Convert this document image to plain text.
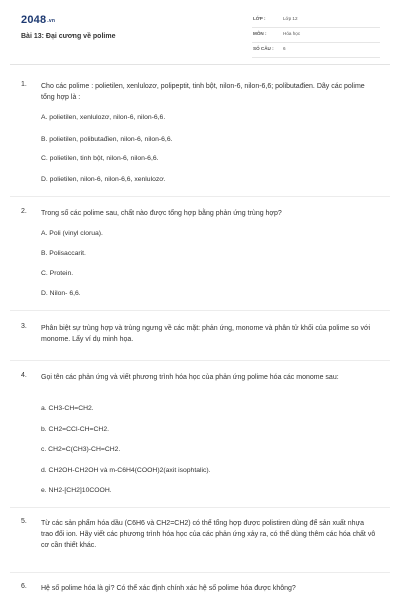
2048.vn
Bài 13: Đại cương về polime
LỚP :	Lớp 12
MÔN :	Hóa học
SỐ CÂU : 6
1. Cho các polime : polietilen, xenlulozơ, polipeptit, tinh bột, nilon-6, nilon-6,6; polibutađien. Dãy các polime tổng hợp là :
A. polietilen, xenlulozơ, nilon-6, nilon-6,6.
B. polietilen, polibutađien, nilon-6, nilon-6,6.
C. polietilen, tinh bột, nilon-6, nilon-6,6.
D. polietilen, nilon-6, nilon-6,6, xenlulozơ.
2. Trong số các polime sau, chất nào được tổng hợp bằng phản ứng trùng hợp?
A. Poli (vinyl clorua).
B. Polisaccarit.
C. Protein.
D. Nilon- 6,6.
3. Phân biệt sự trùng hợp và trùng ngưng về các mặt: phản ứng, monome và phân tử khối của polime so với monome. Lấy ví dụ minh họa.
4. Gọi tên các phản ứng và viết phương trình hóa học của phản ứng polime hóa các monome sau:
a. CH3-CH=CH2.
b. CH2=CCl-CH=CH2.
c. CH2=C(CH3)-CH=CH2.
d. CH2OH-CH2OH và m-C6H4(COOH)2(axit isophtalic).
e. NH2-[CH2]10COOH.
5. Từ các sản phẩm hóa dầu (C6H6 và CH2=CH2) có thể tổng hợp được polistiren dùng để sản xuất nhựa trao đổi ion. Hãy viết các phương trình hóa học của các phản ứng xảy ra, có thể dùng thêm các hóa chất vô cơ cần thiết khác.
6. Hệ số polime hóa là gì? Có thể xác định chính xác hệ số polime hóa được không?
